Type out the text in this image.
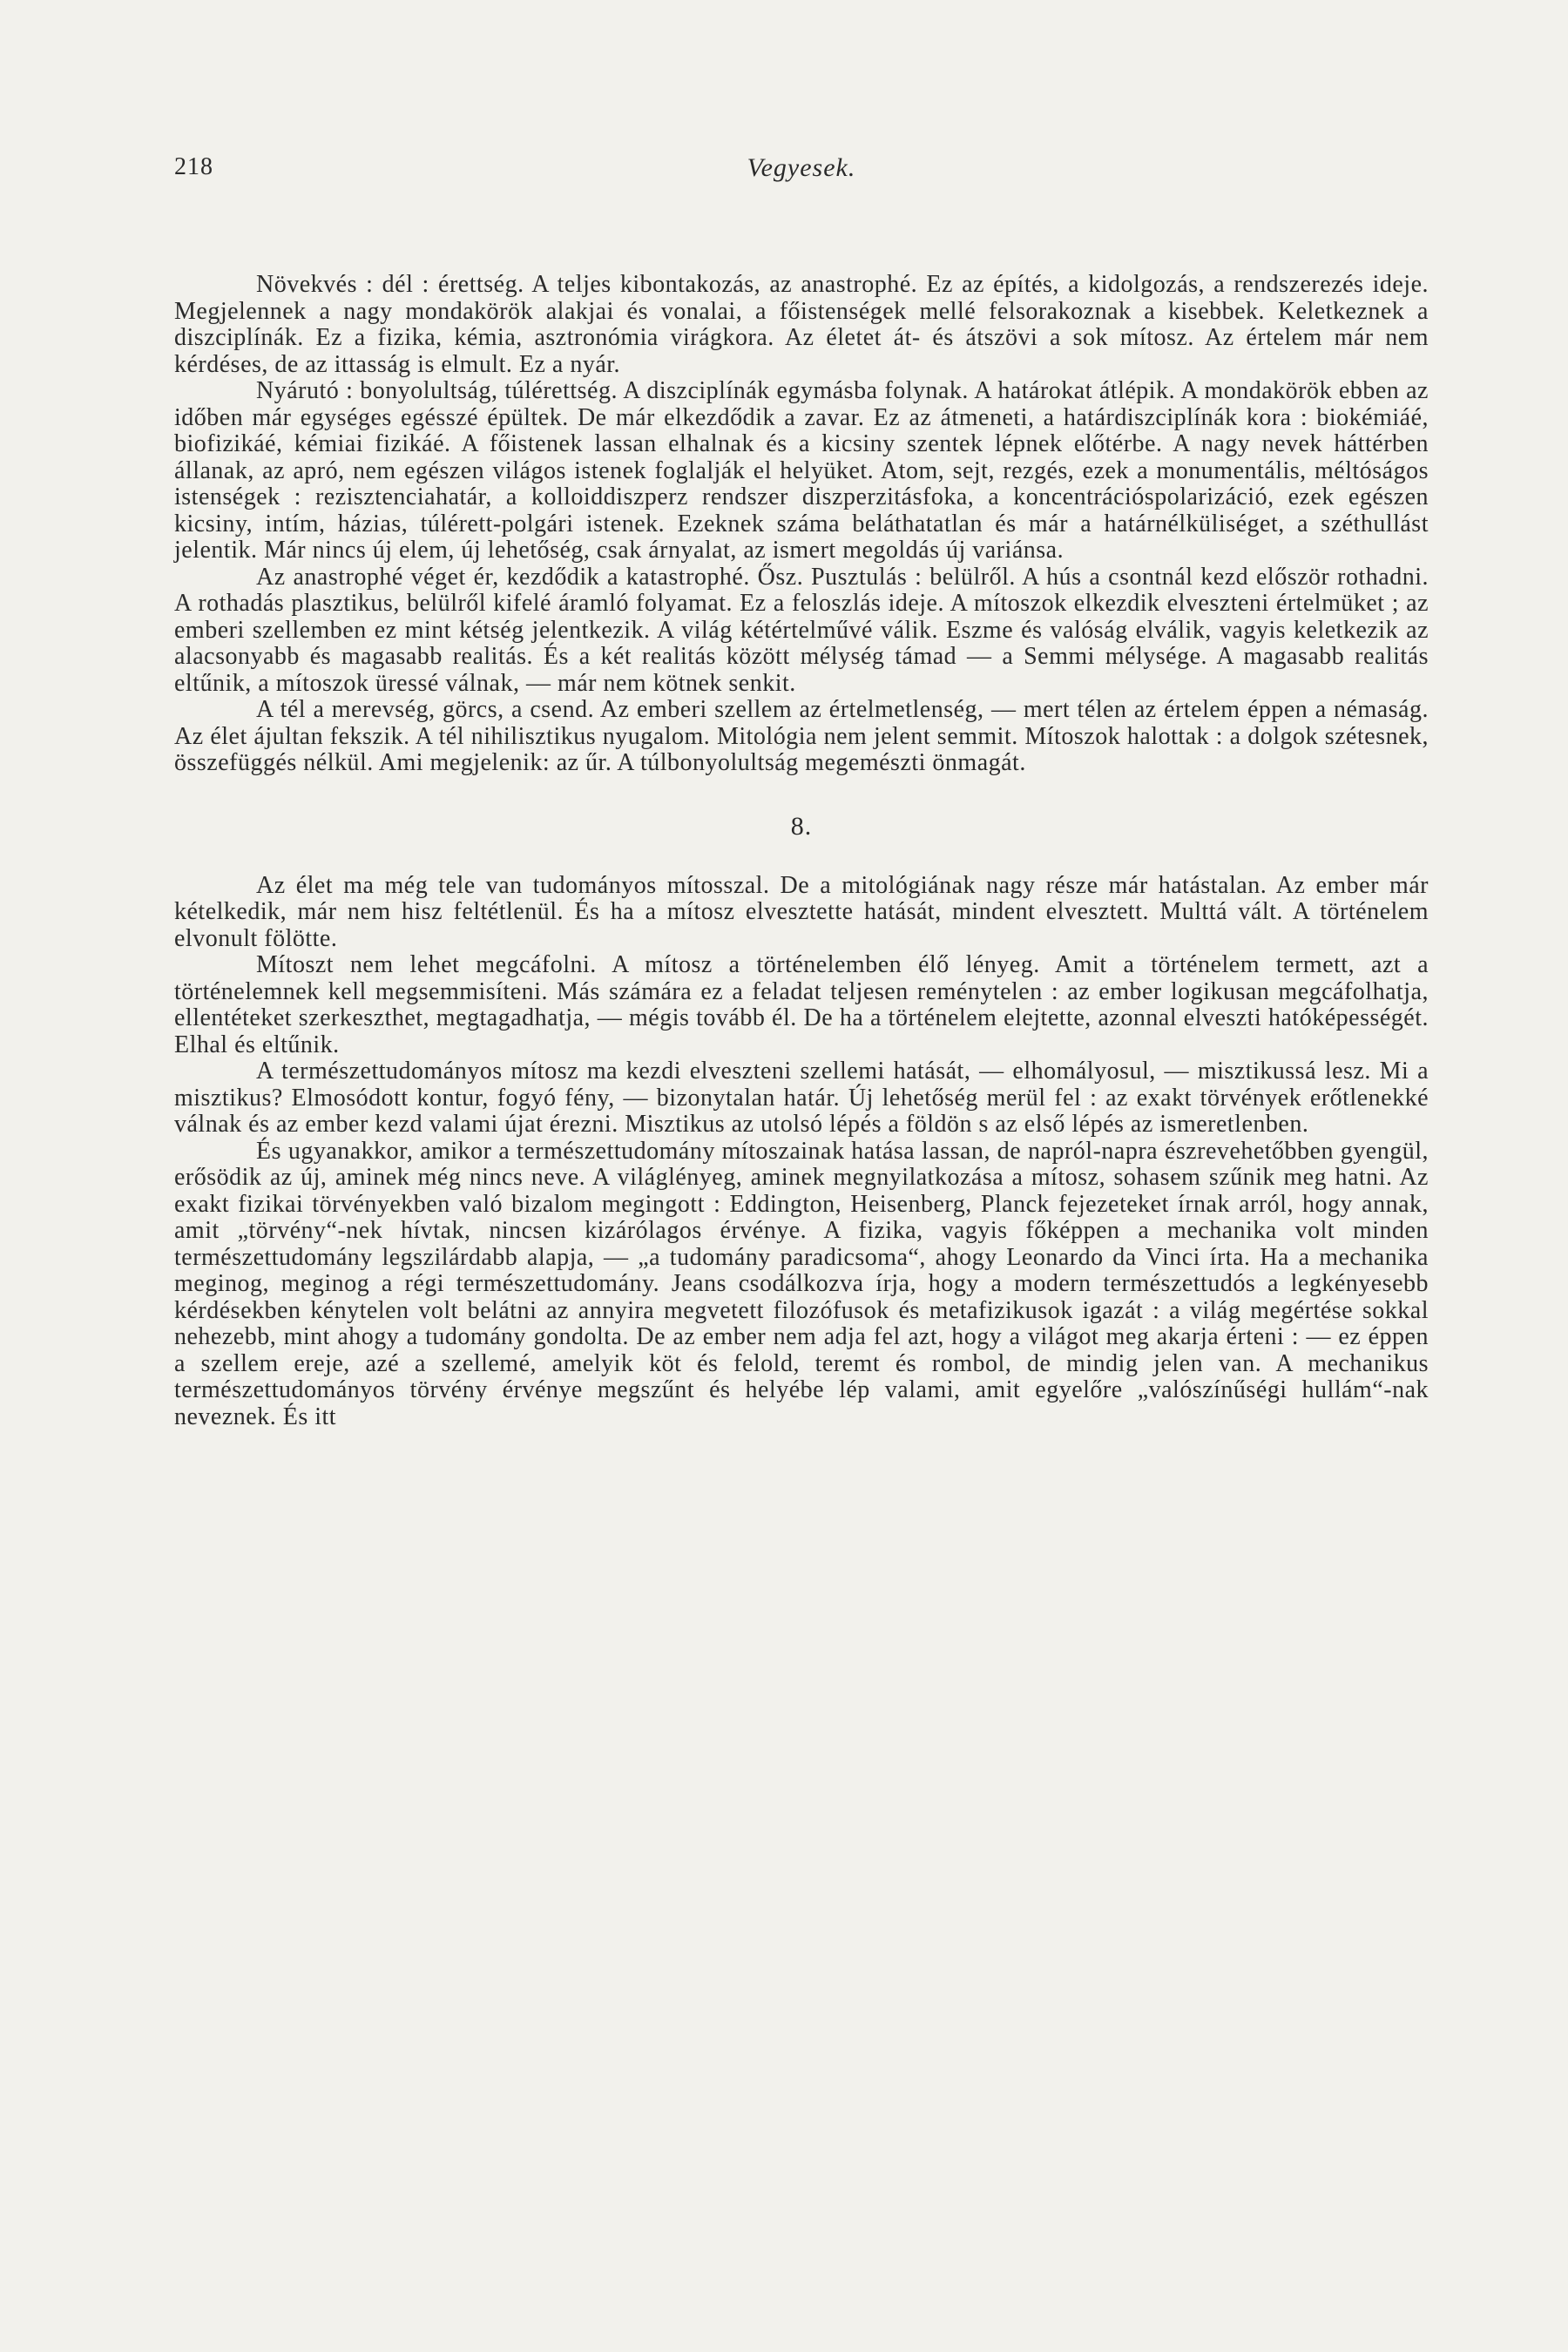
218	Vegyesek.

Növekvés : dél : érettség. A teljes kibontakozás, az anastrophé. Ez az építés, a kidolgozás, a rendszerezés ideje. Megjelennek a nagy mondakörök alakjai és vonalai, a főistenségek mellé felsorakoznak a kisebbek. Keletkeznek a diszciplínák. Ez a fizika, kémia, asztronómia virágkora. Az életet át- és átszövi a sok mítosz. Az értelem már nem kérdéses, de az ittasság is elmult. Ez a nyár.

Nyárutó : bonyolultság, túlérettség. A diszciplínák egymásba folynak. A határokat átlépik. A mondakörök ebben az időben már egységes egésszé épültek. De már elkezdődik a zavar. Ez az átmeneti, a határdiszciplínák kora : biokémiáé, biofizikáé, kémiai fizikáé. A főistenek lassan elhalnak és a kicsiny szentek lépnek előtérbe. A nagy nevek háttérben állanak, az apró, nem egészen világos istenek foglalják el helyüket. Atom, sejt, rezgés, ezek a monumentális, méltóságos istenségek : rezisztenciahatár, a kolloiddiszperz rendszer diszperzitásfoka, a koncentrációspolarizáció, ezek egészen kicsiny, intím, házias, túlérett-polgári istenek. Ezeknek száma beláthatatlan és már a határnélküliséget, a széthullást jelentik. Már nincs új elem, új lehetőség, csak árnyalat, az ismert megoldás új variánsa.

Az anastrophé véget ér, kezdődik a katastrophé. Ősz. Pusztulás : belülről. A hús a csontnál kezd először rothadni. A rothadás plasztikus, belülről kifelé áramló folyamat. Ez a feloszlás ideje. A mítoszok elkezdik elveszteni értelmüket ; az emberi szellemben ez mint kétség jelentkezik. A világ kétértelművé válik. Eszme és valóság elválik, vagyis keletkezik az alacsonyabb és magasabb realitás. És a két realitás között mélység támad — a Semmi mélysége. A magasabb realitás eltűnik, a mítoszok üressé válnak, — már nem kötnek senkit.

A tél a merevség, görcs, a csend. Az emberi szellem az értelmetlenség, — mert télen az értelem éppen a némaság. Az élet ájultan fekszik. A tél nihilisztikus nyugalom. Mitológia nem jelent semmit. Mítoszok halottak : a dolgok szétesnek, összefüggés nélkül. Ami megjelenik: az űr. A túlbonyolultság megemészti önmagát.

8.

Az élet ma még tele van tudományos mítosszal. De a mitológiának nagy része már hatástalan. Az ember már kételkedik, már nem hisz feltétlenül. És ha a mítosz elvesztette hatását, mindent elvesztett. Multtá vált. A történelem elvonult fölötte.

Mítoszt nem lehet megcáfolni. A mítosz a történelemben élő lényeg. Amit a történelem termett, azt a történelemnek kell megsemmisíteni. Más számára ez a feladat teljesen reménytelen : az ember logikusan megcáfolhatja, ellentéteket szerkeszthet, megtagadhatja, — mégis tovább él. De ha a történelem elejtette, azonnal elveszti hatóképességét. Elhal és eltűnik.

A természettudományos mítosz ma kezdi elveszteni szellemi hatását, — elhomályosul, — misztikussá lesz. Mi a misztikus? Elmosódott kontur, fogyó fény, — bizonytalan határ. Új lehetőség merül fel : az exakt törvények erőtlenekké válnak és az ember kezd valami újat érezni. Misztikus az utolsó lépés a földön s az első lépés az ismeretlenben.

És ugyanakkor, amikor a természettudomány mítoszainak hatása lassan, de napról-napra észrevehetőbben gyengül, erősödik az új, aminek még nincs neve. A világlényeg, aminek megnyilatkozása a mítosz, sohasem szűnik meg hatni. Az exakt fizikai törvényekben való bizalom megingott : Eddington, Heisenberg, Planck fejezeteket írnak arról, hogy annak, amit „törvény“-nek hívtak, nincsen kizárólagos érvénye. A fizika, vagyis főképpen a mechanika volt minden természettudomány legszilárdabb alapja, — „a tudomány paradicsoma“, ahogy Leonardo da Vinci írta. Ha a mechanika meginog, meginog a régi természettudomány. Jeans csodálkozva írja, hogy a modern természettudós a legkényesebb kérdésekben kénytelen volt belátni az annyira megvetett filozófusok és metafizikusok igazát : a világ megértése sokkal nehezebb, mint ahogy a tudomány gondolta. De az ember nem adja fel azt, hogy a világot meg akarja érteni : — ez éppen a szellem ereje, azé a szellemé, amelyik köt és felold, teremt és rombol, de mindig jelen van. A mechanikus természettudományos törvény érvénye megszűnt és helyébe lép valami, amit egyelőre „valószínűségi hullám“-nak neveznek. És itt
